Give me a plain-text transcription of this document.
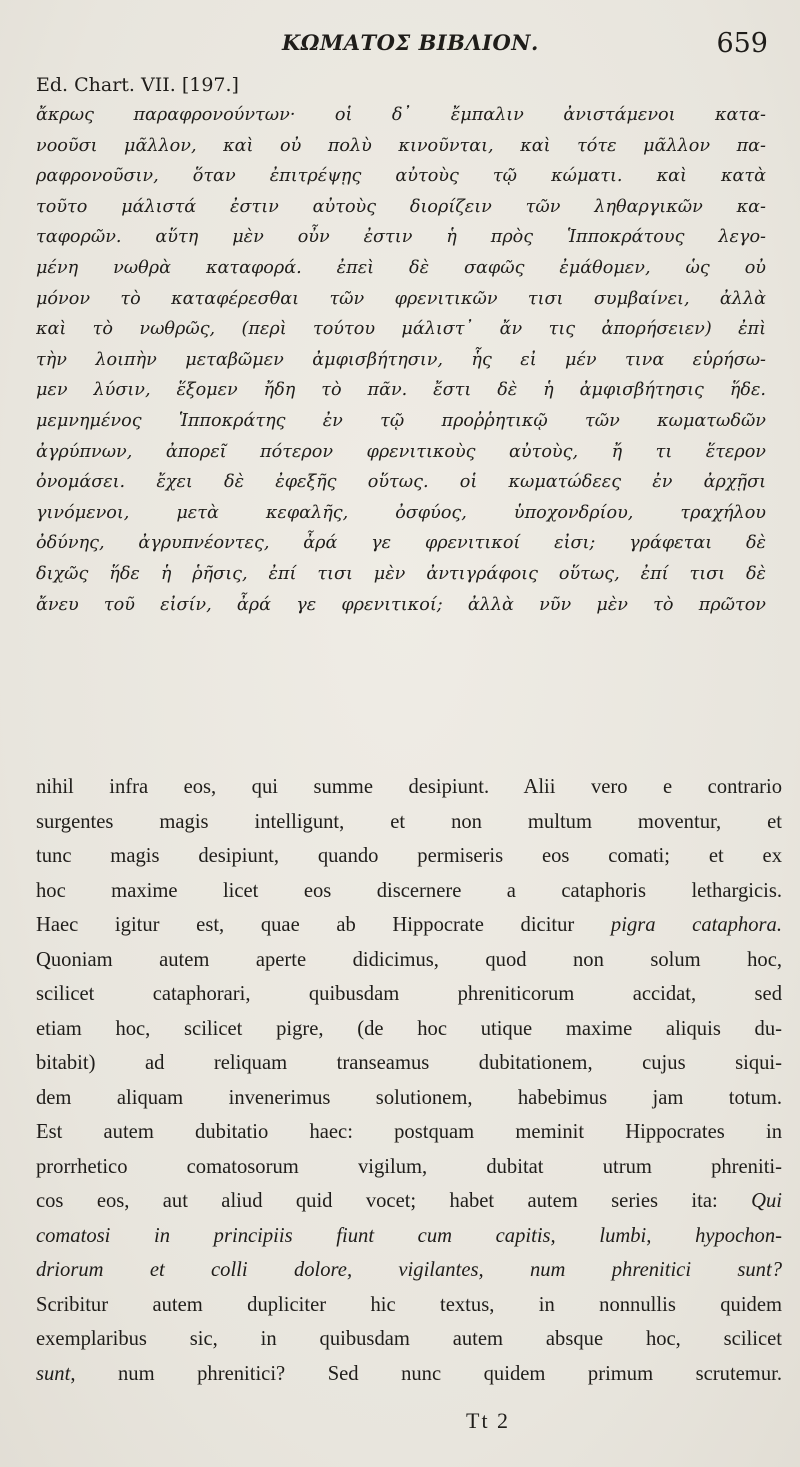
ΚΩΜΑΤΟΣ ΒΙΒΛΙΟΝ.	659
Ed. Chart. VII. [197.]
ἄκρως παραφρονούντων· οἱ δ᾽ ἔμπαλιν ἀνιστάμενοι κατα-
νοοῦσι μᾶλλον, καὶ οὐ πολὺ κινοῦνται, καὶ τότε μᾶλλον πα-
ραφρονοῦσιν, ὅταν ἐπιτρέψῃς αὐτοὺς τῷ κώματι. καὶ κατὰ
τοῦτο μάλιστά ἐστιν αὐτοὺς διορίζειν τῶν ληθαργικῶν κα-
ταφορῶν. αὕτη μὲν οὖν ἐστιν ἡ πρὸς Ἱπποκράτους λεγο-
μένη νωθρὰ καταφορά. ἐπεὶ δὲ σαφῶς ἐμάθομεν, ὡς οὐ
μόνον τὸ καταφέρεσθαι τῶν φρενιτικῶν τισι συμβαίνει, ἀλλὰ
καὶ τὸ νωθρῶς, (περὶ τούτου μάλιστ᾽ ἄν τις ἀπορήσειεν) ἐπὶ
τὴν λοιπὴν μεταβῶμεν ἀμφισβήτησιν, ἧς εἰ μέν τινα εὑρήσω-
μεν λύσιν, ἕξομεν ἤδη τὸ πᾶν. ἔστι δὲ ἡ ἀμφισβήτησις ἥδε.
μεμνημένος Ἱπποκράτης ἐν τῷ προῤῥητικῷ τῶν κωματωδῶν
ἀγρύπνων, ἀπορεῖ πότερον φρενιτικοὺς αὐτοὺς, ἤ τι ἕτερον
ὀνομάσει. ἔχει δὲ ἐφεξῆς οὕτως. οἱ κωματώδεες ἐν ἀρχῇσι
γινόμενοι, μετὰ κεφαλῆς, ὀσφύος, ὑποχονδρίου, τραχήλου
ὀδύνης, ἀγρυπνέοντες, ἆρά γε φρενιτικοί εἰσι; γράφεται δὲ
διχῶς ἥδε ἡ ῥῆσις, ἐπί τισι μὲν ἀντιγράφοις οὕτως, ἐπί τισι δὲ
ἄνευ τοῦ εἰσίν, ἆρά γε φρενιτικοί; ἀλλὰ νῦν μὲν τὸ πρῶτον
nihil infra eos, qui summe desipiunt. Alii vero e contrario
surgentes magis intelligunt, et non multum moventur, et
tunc magis desipiunt, quando permiseris eos comati; et ex
hoc maxime licet eos discernere a cataphoris lethargicis.
Haec igitur est, quae ab Hippocrate dicitur pigra cataphora.
Quoniam autem aperte didicimus, quod non solum hoc,
scilicet cataphorari, quibusdam phreniticorum accidat, sed
etiam hoc, scilicet pigre, (de hoc utique maxime aliquis du-
bitabit) ad reliquam transeamus dubitationem, cujus siqui-
dem aliquam invenerimus solutionem, habebimus jam totum.
Est autem dubitatio haec: postquam meminit Hippocrates in
prorrhetico comatosorum vigilum, dubitat utrum phreniti-
cos eos, aut aliud quid vocet; habet autem series ita: Qui
comatosi in principiis fiunt cum capitis, lumbi, hypochon-
driorum et colli dolore, vigilantes, num phrenitici sunt?
Scribitur autem dupliciter hic textus, in nonnullis quidem
exemplaribus sic, in quibusdam autem absque hoc, scilicet
sunt, num phrenitici? Sed nunc quidem primum scrutemur.
Tt 2
